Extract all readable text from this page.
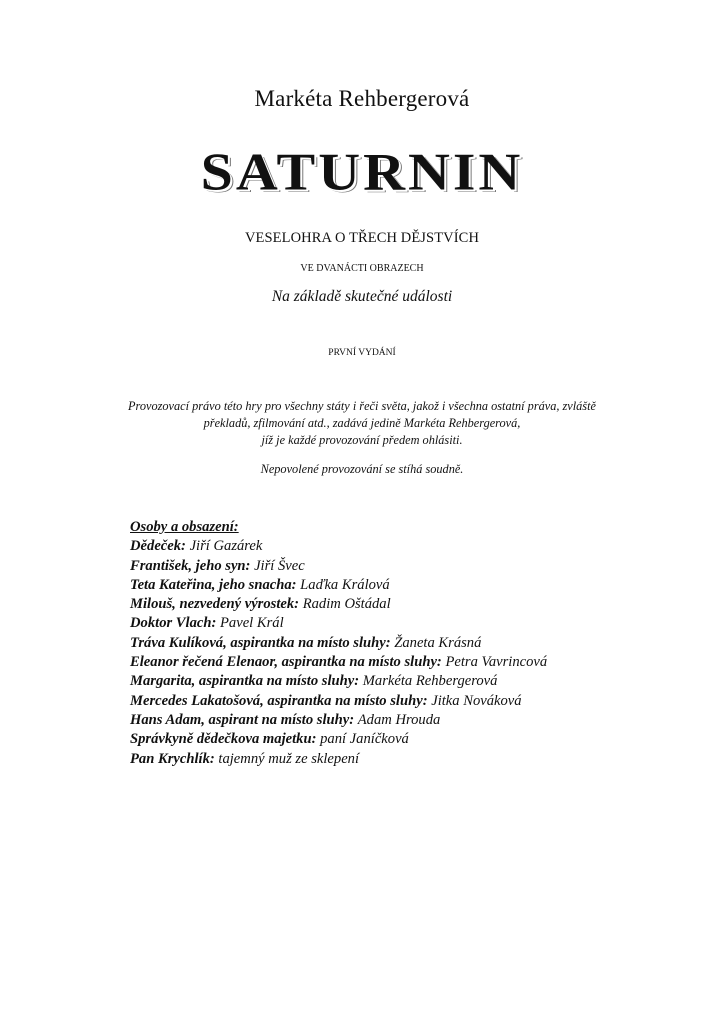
Markéta Rehbergerová
SATURNIN
VESELOHRA O TŘECH DĚJSTVÍCH
VE DVANÁCTI OBRAZECH
Na základě skutečné události
PRVNÍ VYDÁNÍ
Provozovací právo této hry pro všechny státy i řeči světa, jakož i všechna ostatní práva, zvláště
překladů, zfilmování atd., zadává jedině Markéta Rehbergerová,
jíž je každé provozování předem ohlásiti.
Nepovolené provozování se stíhá soudně.
Osoby a obsazení:
Dědeček: Jiří Gazárek
František, jeho syn: Jiří Švec
Teta Kateřina, jeho snacha: Laďka Králová
Milouš, nezvedený výrostek: Radim Oštádal
Doktor Vlach: Pavel Král
Tráva Kulíková, aspirantka na místo sluhy: Žaneta Krásná
Eleanor řečená Elenaor, aspirantka na místo sluhy: Petra Vavrincová
Margarita, aspirantka na místo sluhy: Markéta Rehbergerová
Mercedes Lakatošová, aspirantka na místo sluhy: Jitka Nováková
Hans Adam, aspirant na místo sluhy: Adam Hrouda
Správkyně dědečkova majetku: paní Janíčková
Pan Krychlík: tajemný muž ze sklepení
